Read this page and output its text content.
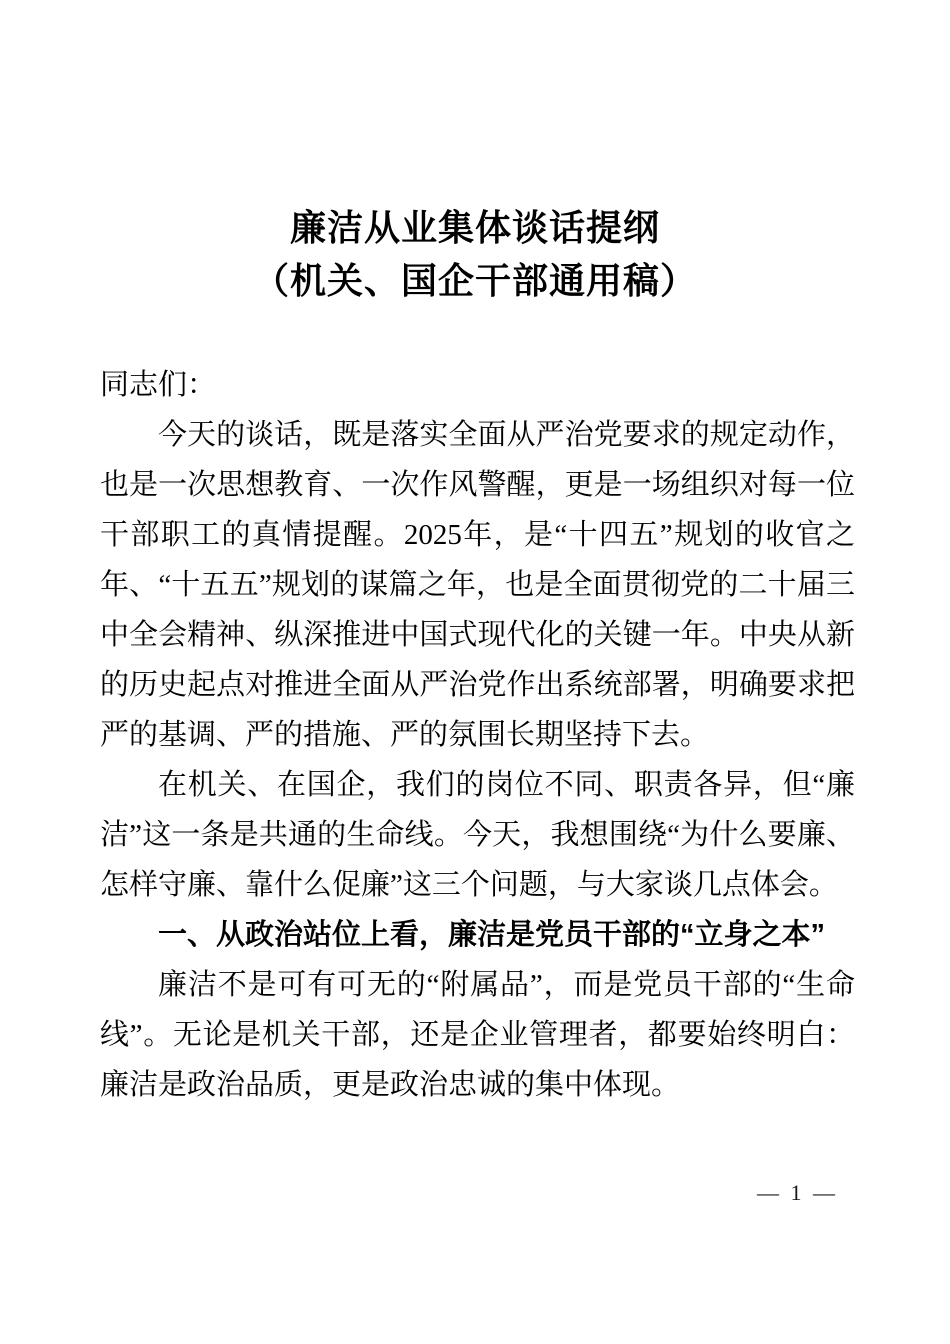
廉洁从业集体谈话提纲
（机关、国企干部通用稿）

同志们：

今天的谈话，既是落实全面从严治党要求的规定动作，也是一次思想教育、一次作风警醒，更是一场组织对每一位干部职工的真情提醒。2025年，是“十四五”规划的收官之年、“十五五”规划的谋篇之年，也是全面贯彻党的二十届三中全会精神、纵深推进中国式现代化的关键一年。中央从新的历史起点对推进全面从严治党作出系统部署，明确要求把严的基调、严的措施、严的氛围长期坚持下去。

在机关、在国企，我们的岗位不同、职责各异，但“廉洁”这一条是共通的生命线。今天，我想围绕“为什么要廉、怎样守廉、靠什么促廉”这三个问题，与大家谈几点体会。

一、从政治站位上看，廉洁是党员干部的“立身之本”

廉洁不是可有可无的“附属品”，而是党员干部的“生命线”。无论是机关干部，还是企业管理者，都要始终明白：廉洁是政治品质，更是政治忠诚的集中体现。

— 1 —
